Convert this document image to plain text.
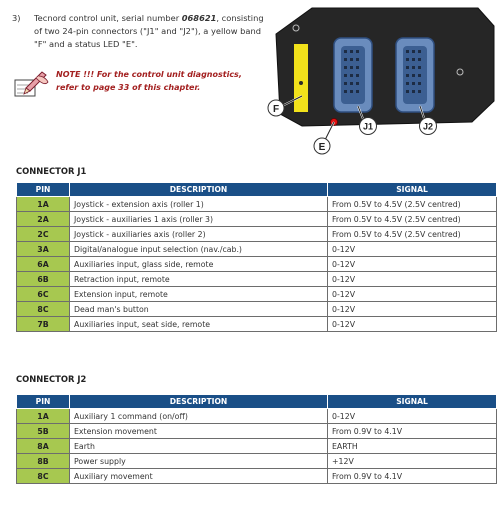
3) Tecnord control unit, serial number 068621, consisting of two 24-pin connectors ("J1" and "J2"), a yellow band "F" and a status LED "E".
NOTE !!! For the control unit diagnostics, refer to page 33 of this chapter.
F
E
J1	J2
CONNECTOR J1
PIN	DESCRIPTION	SIGNAL
1A	Joystick - extension axis (roller 1)	From 0.5V to 4.5V (2.5V centred)
2A	Joystick - auxiliaries 1 axis (roller 3)	From 0.5V to 4.5V (2.5V centred)
2C	Joystick - auxiliaries axis (roller 2)	From 0.5V to 4.5V (2.5V centred)
3A	Digital/analogue input selection (nav./cab.)	0-12V
6A	Auxiliaries input, glass side, remote	0-12V
6B	Retraction input, remote	0-12V
6C	Extension input, remote	0-12V
8C	Dead man's button	0-12V
7B	Auxiliaries input, seat side, remote	0-12V
CONNECTOR J2
PIN	DESCRIPTION	SIGNAL
1A	Auxiliary 1 command (on/off)	0-12V
5B	Extension movement	From 0.9V to 4.1V
8A	Earth	EARTH
8B	Power supply	+12V
8C	Auxiliary movement	From 0.9V to 4.1V
